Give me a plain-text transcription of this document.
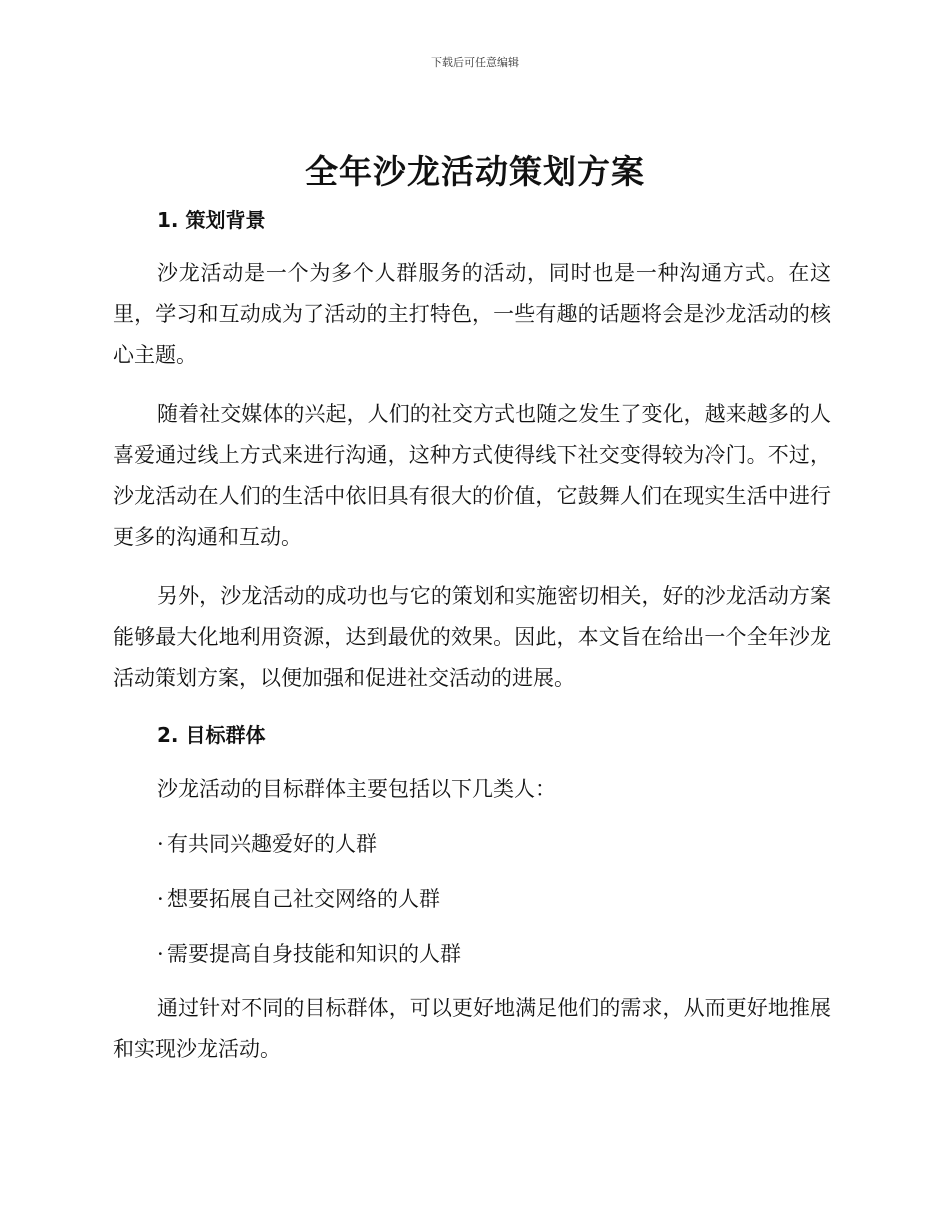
下载后可任意编辑
全年沙龙活动策划方案
1. 策划背景

沙龙活动是一个为多个人群服务的活动，同时也是一种沟通方式。在这里，学习和互动成为了活动的主打特色，一些有趣的话题将会是沙龙活动的核心主题。

随着社交媒体的兴起，人们的社交方式也随之发生了变化，越来越多的人喜爱通过线上方式来进行沟通，这种方式使得线下社交变得较为冷门。不过，沙龙活动在人们的生活中依旧具有很大的价值，它鼓舞人们在现实生活中进行更多的沟通和互动。

另外，沙龙活动的成功也与它的策划和实施密切相关，好的沙龙活动方案能够最大化地利用资源，达到最优的效果。因此，本文旨在给出一个全年沙龙活动策划方案，以便加强和促进社交活动的进展。

2. 目标群体

沙龙活动的目标群体主要包括以下几类人：

· 有共同兴趣爱好的人群
· 想要拓展自己社交网络的人群
· 需要提高自身技能和知识的人群

通过针对不同的目标群体，可以更好地满足他们的需求，从而更好地推展和实现沙龙活动。
